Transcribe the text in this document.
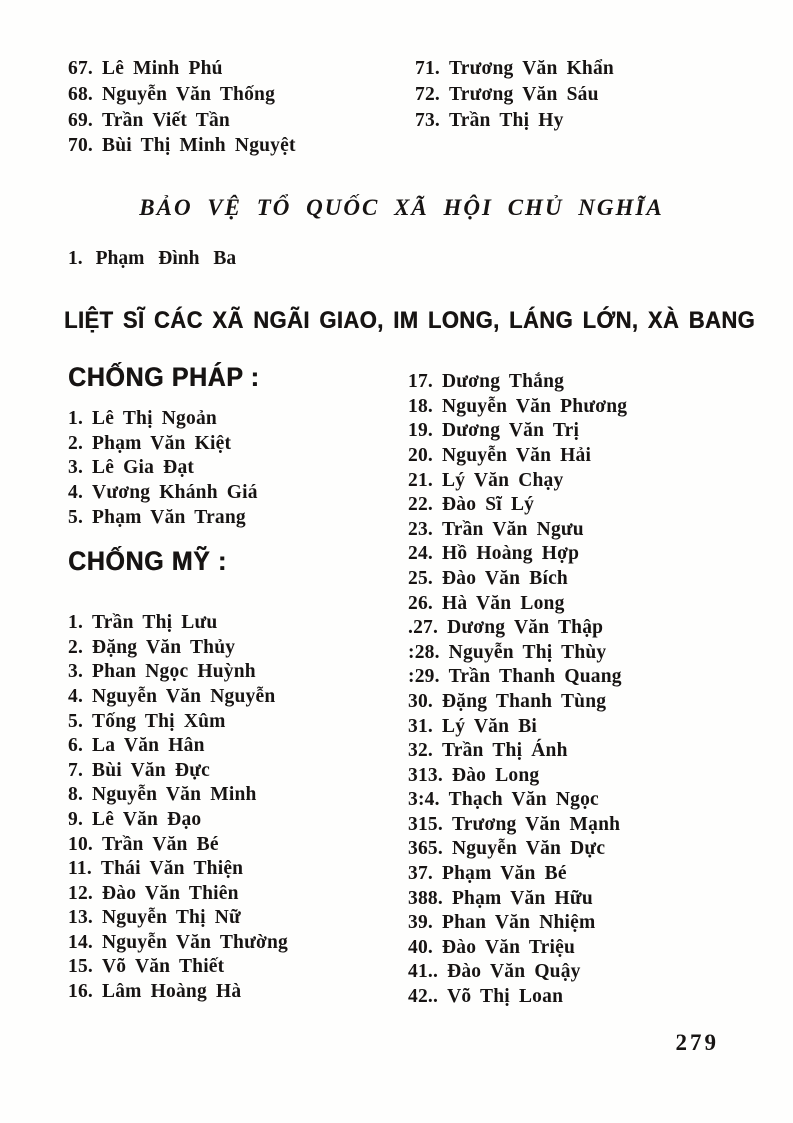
67. Lê Minh Phú
68. Nguyễn Văn Thống
69. Trần Viết Tần
70. Bùi Thị Minh Nguyệt
71. Trương Văn Khẩn
72. Trương Văn Sáu
73. Trần Thị Hy
BẢO VỆ TỔ QUỐC XÃ HỘI CHỦ NGHĨA
1. Phạm Đình Ba
LIỆT SĨ CÁC XÃ NGÃI GIAO, IM LONG, LÁNG LỚN, XÀ BANG
CHỐNG PHÁP :
1. Lê Thị Ngoản
2. Phạm Văn Kiệt
3. Lê Gia Đạt
4. Vương Khánh Giá
5. Phạm Văn Trang
CHỐNG MỸ :
1. Trần Thị Lưu
2. Đặng Văn Thủy
3. Phan Ngọc Huỳnh
4. Nguyễn Văn Nguyễn
5. Tống Thị Xûm
6. La Văn Hân
7. Bùi Văn Đực
8. Nguyễn Văn Minh
9. Lê Văn Đạo
10. Trần Văn Bé
11. Thái Văn Thiện
12. Đào Văn Thiên
13. Nguyễn Thị Nữ
14. Nguyễn Văn Thường
15. Võ Văn Thiết
16. Lâm Hoàng Hà
17. Dương Thắng
18. Nguyễn Văn Phương
19. Dương Văn Trị
20. Nguyễn Văn Hải
21. Lý Văn Chạy
22. Đào Sĩ Lý
23. Trần Văn Ngưu
24. Hồ Hoàng Hợp
25. Đào Văn Bích
26. Hà Văn Long
.27. Dương Văn Thập
:28. Nguyễn Thị Thùy
:29. Trần Thanh Quang
30. Đặng Thanh Tùng
31. Lý Văn Bi
32. Trần Thị Ánh
313. Đào Long
3:4. Thạch Văn Ngọc
315. Trương Văn Mạnh
365. Nguyễn Văn Dực
37. Phạm Văn Bé
388. Phạm Văn Hữu
39. Phan Văn Nhiệm
40. Đào Văn Triệu
41.. Đào Văn Quậy
42.. Võ Thị Loan
279
